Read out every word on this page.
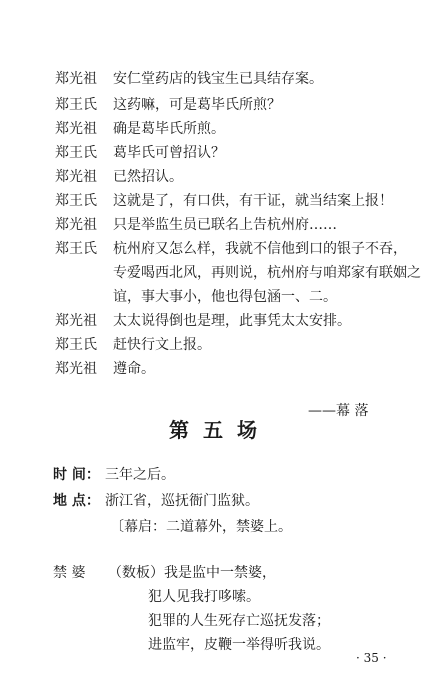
郑光祖	安仁堂药店的钱宝生已具结存案。
郑王氏	这药嘛，可是葛毕氏所煎？
郑光祖	确是葛毕氏所煎。
郑王氏	葛毕氏可曾招认？
郑光祖	已然招认。
郑王氏	这就是了，有口供，有干证，就当结案上报！
郑光祖	只是举监生员已联名上告杭州府……
郑王氏	杭州府又怎么样，我就不信他到口的银子不吞，
专爱喝西北风，再则说，杭州府与咱郑家有联姻之
谊，事大事小，他也得包涵一、二。
郑光祖	太太说得倒也是理，此事凭太太安排。
郑王氏	赶快行文上报。
郑光祖	遵命。
——幕 落
第五场
时 间： 三年之后。
地 点： 浙江省，巡抚衙门监狱。
〔幕启：二道幕外，禁婆上。
禁 婆 （数板）我是监中一禁婆，
犯人见我打哆嗦。
犯罪的人生死存亡巡抚发落；
进监牢，皮鞭一举得听我说。
· 35 ·
